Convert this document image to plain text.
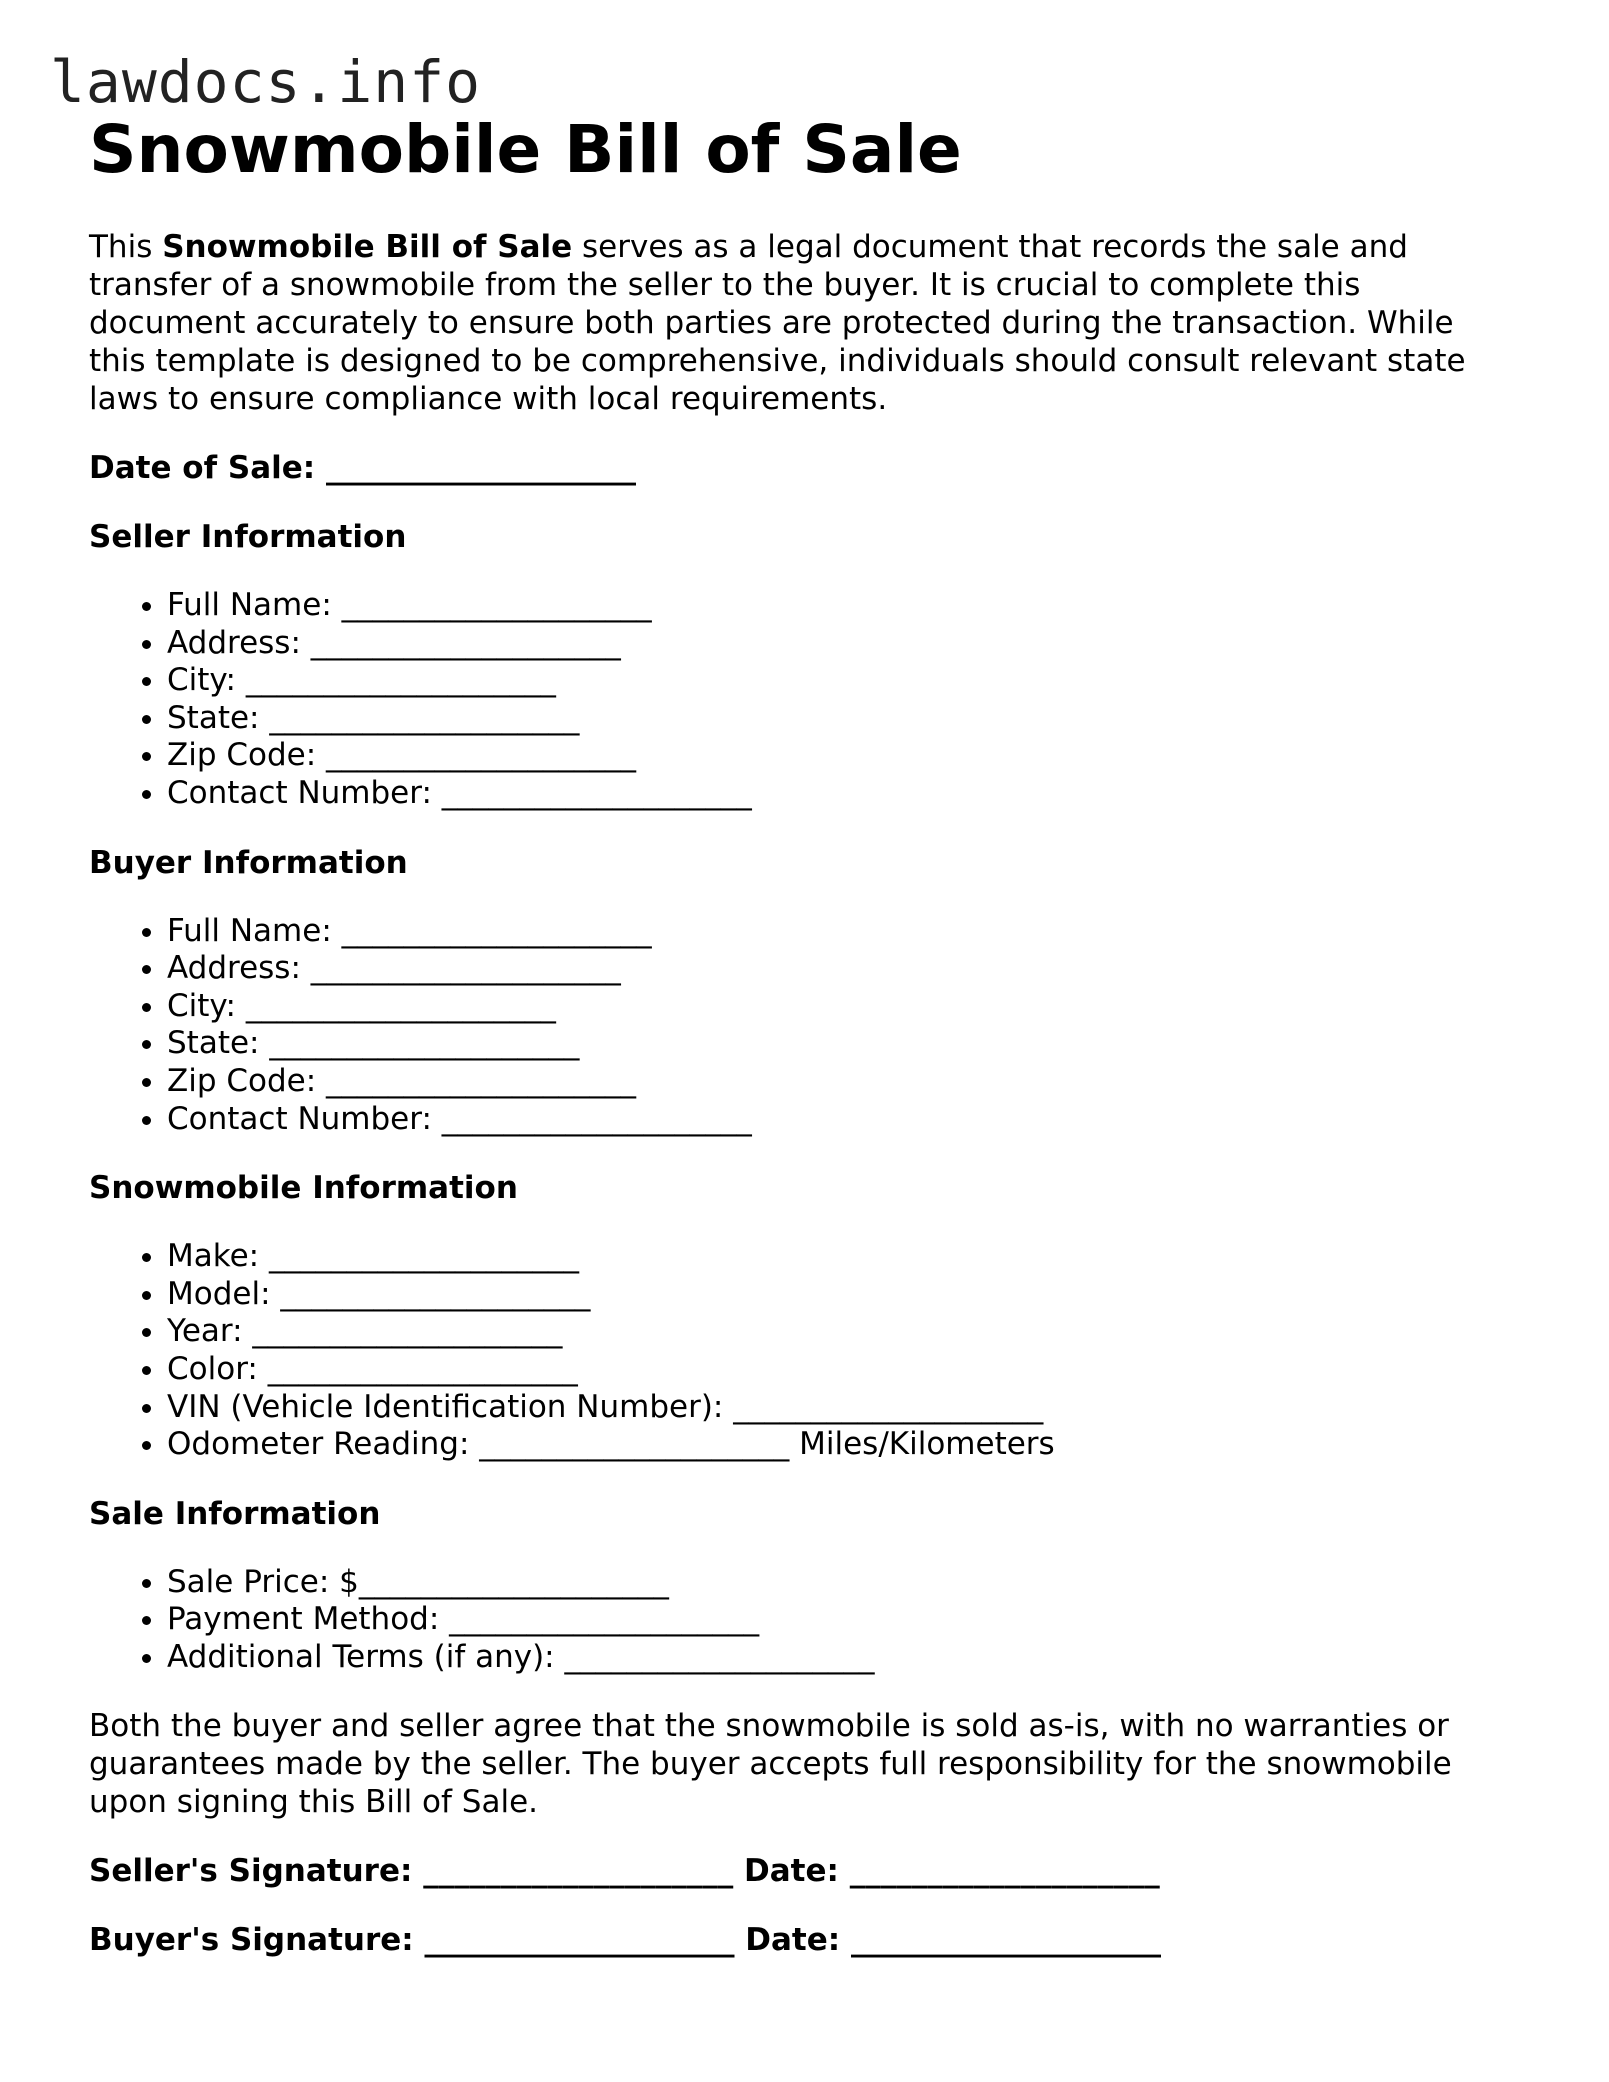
lawdocs.info
Snowmobile Bill of Sale

This Snowmobile Bill of Sale serves as a legal document that records the sale and transfer of a snowmobile from the seller to the buyer. It is crucial to complete this document accurately to ensure both parties are protected during the transaction. While this template is designed to be comprehensive, individuals should consult relevant state laws to ensure compliance with local requirements.

Date of Sale: ____________________

Seller Information
• Full Name: ____________________
• Address: ____________________
• City: ____________________
• State: ____________________
• Zip Code: ____________________
• Contact Number: ____________________
Buyer Information
• Full Name: ____________________
• Address: ____________________
• City: ____________________
• State: ____________________
• Zip Code: ____________________
• Contact Number: ____________________
Snowmobile Information
• Make: ____________________
• Model: ____________________
• Year: ____________________
• Color: ____________________
• VIN (Vehicle Identification Number): ____________________
• Odometer Reading: ____________________ Miles/Kilometers
Sale Information
• Sale Price: $____________________
• Payment Method: ____________________
• Additional Terms (if any): ____________________

Both the buyer and seller agree that the snowmobile is sold as-is, with no warranties or guarantees made by the seller. The buyer accepts full responsibility for the snowmobile upon signing this Bill of Sale.

Seller's Signature: ____________________ Date: ____________________

Buyer's Signature: ____________________ Date: ____________________
